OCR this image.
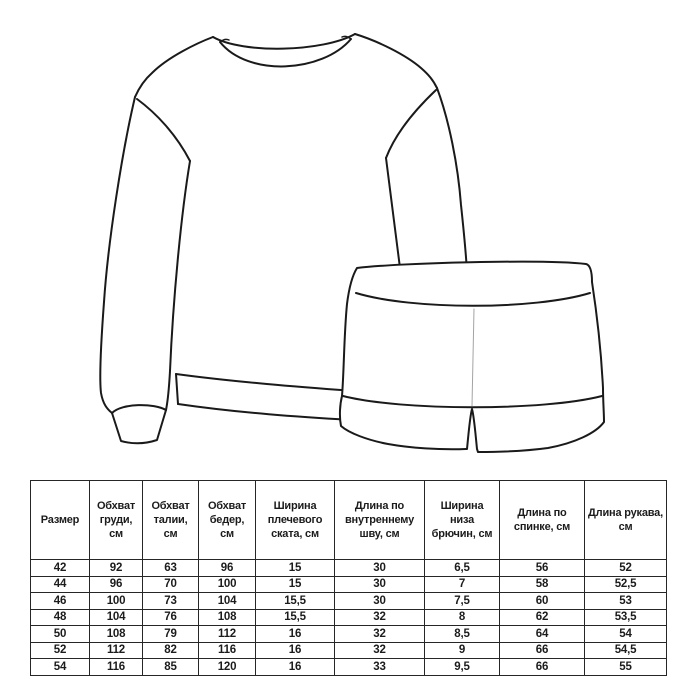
Размер	Обхват груди, см	Обхват талии, см	Обхват бедер, см	Ширина плечевого ската, см	Длина по внутреннему шву, см	Ширина низа брючин, см	Длина по спинке, см	Длина рукава, см
42	92	63	96	15	30	6,5	56	52
44	96	70	100	15	30	7	58	52,5
46	100	73	104	15,5	30	7,5	60	53
48	104	76	108	15,5	32	8	62	53,5
50	108	79	112	16	32	8,5	64	54
52	112	82	116	16	32	9	66	54,5
54	116	85	120	16	33	9,5	66	55
